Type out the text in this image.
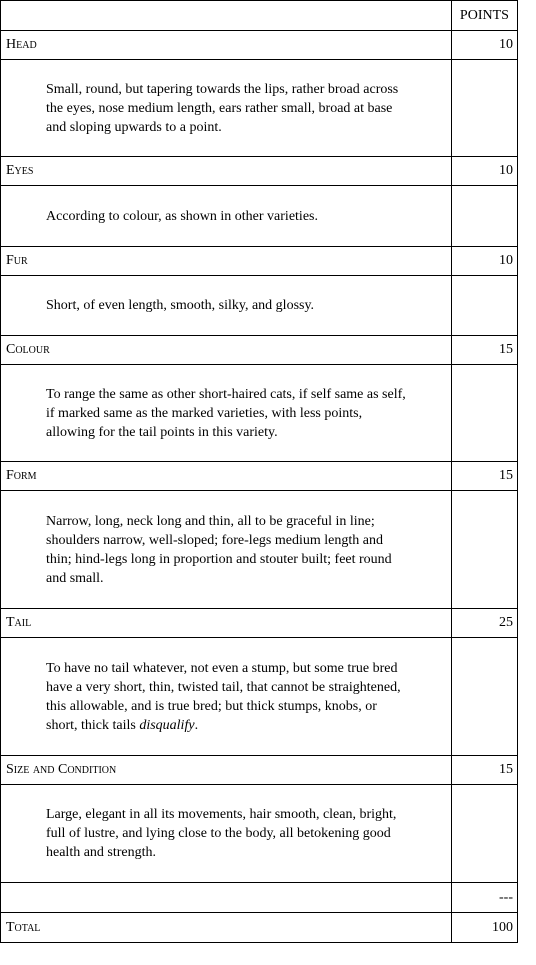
	POINTS
Head	10
Small, round, but tapering towards the lips, rather broad across the eyes, nose medium length, ears rather small, broad at base and sloping upwards to a point.	
Eyes	10
According to colour, as shown in other varieties.	
Fur	10
Short, of even length, smooth, silky, and glossy.	
Colour	15
To range the same as other short-haired cats, if self same as self, if marked same as the marked varieties, with less points, allowing for the tail points in this variety.	
Form	15
Narrow, long, neck long and thin, all to be graceful in line; shoulders narrow, well-sloped; fore-legs medium length and thin; hind-legs long in proportion and stouter built; feet round and small.	
Tail	25
To have no tail whatever, not even a stump, but some true bred have a very short, thin, twisted tail, that cannot be straightened, this allowable, and is true bred; but thick stumps, knobs, or short, thick tails disqualify.	
Size and Condition	15
Large, elegant in all its movements, hair smooth, clean, bright, full of lustre, and lying close to the body, all betokening good health and strength.	
	---
Total	100
